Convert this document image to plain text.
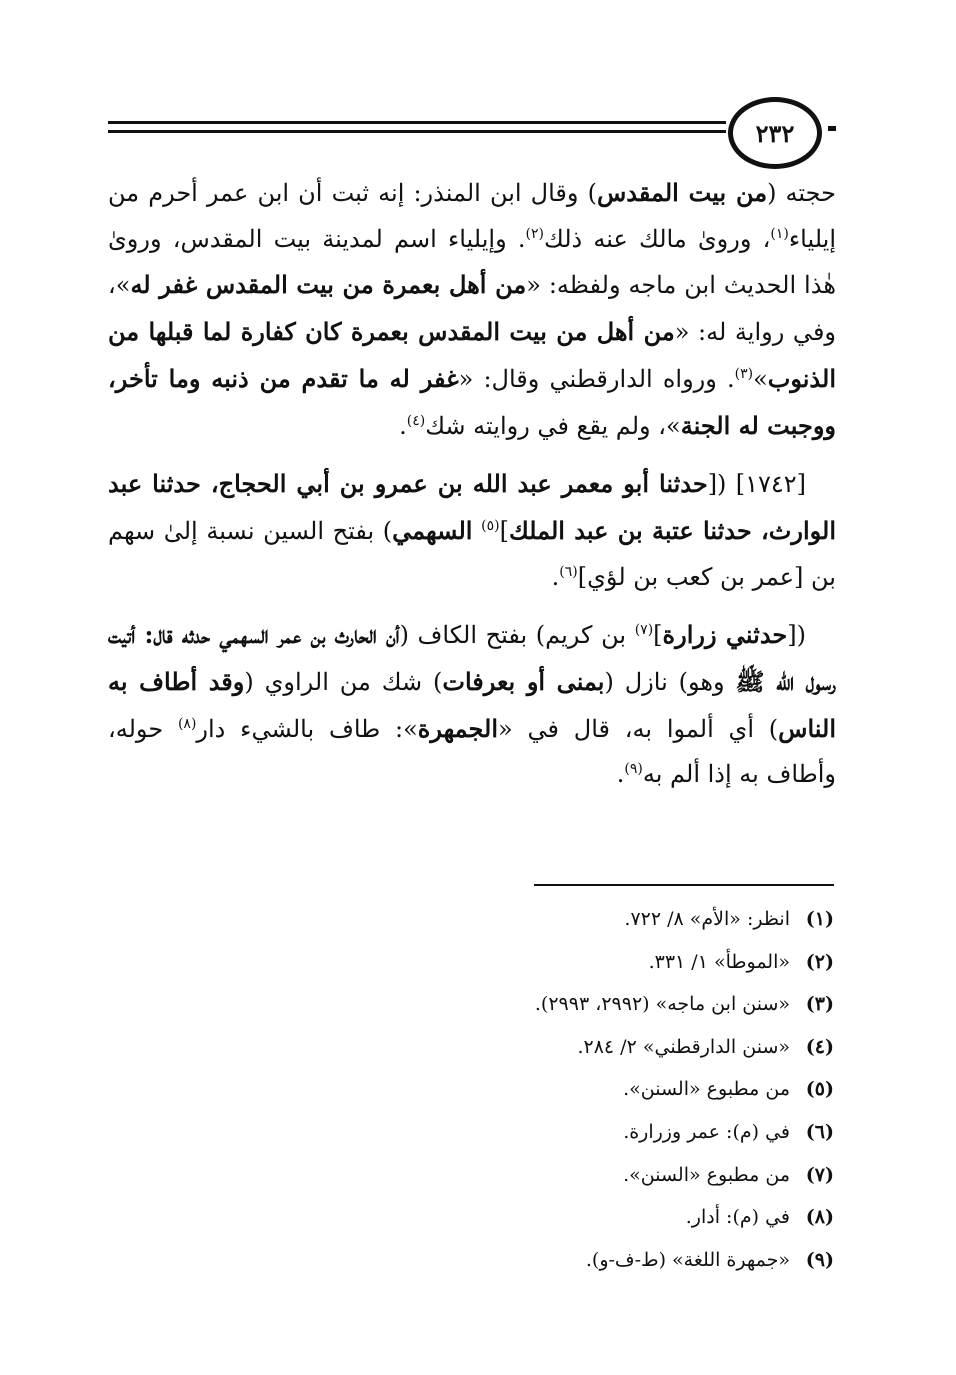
٢٣٢

حجته (من بيت المقدس) وقال ابن المنذر: إنه ثبت أن ابن عمر أحرم من إيلياء$^{(١)}$، ورویٰ مالك عنه ذلك$^{(٢)}$. وإيلياء اسم لمدينة بيت المقدس، ورویٰ هٰذا الحديث ابن ماجه ولفظه: «من أهل بعمرة من بيت المقدس غفر له»، وفي رواية له: «من أهل من بيت المقدس بعمرة كان كفارة لما قبلها من الذنوب»$^{(٣)}$. ورواه الدارقطني وقال: «غفر له ما تقدم من ذنبه وما تأخر، ووجبت له الجنة»، ولم يقع في روايته شك$^{(٤)}$.

[١٧٤٢] ([حدثنا أبو معمر عبد الله بن عمرو بن أبي الحجاج، حدثنا عبد الوارث، حدثنا عتبة بن عبد الملك]$^{(٥)}$ السهمي) بفتح السين نسبة إلىٰ سهم بن [عمر بن كعب بن لؤي]$^{(٦)}$.

([حدثني زرارة]$^{(٧)}$ بن كريم) بفتح الكاف (أن الحارث بن عمر السهمي حدثه قال: أتيت رسول الله ﷺ وهو) نازل (بمنى أو بعرفات) شك من الراوي (وقد أطاف به الناس) أي ألموا به، قال في «الجمهرة»: طاف بالشيء دار$^{(٨)}$ حوله، وأطاف به إذا ألم به$^{(٩)}$.

(١)
انظر: «الأم» ٨/ ٧٢٢.
(٢)
«الموطأ» ١/ ٣٣١.
(٣)
«سنن ابن ماجه» (٢٩٩٢، ٢٩٩٣).
(٤)
«سنن الدارقطني» ٢/ ٢٨٤.
(٥)
من مطبوع «السنن».
(٦)
في (م): عمر وزرارة.
(٧)
من مطبوع «السنن».
(٨)
في (م): أدار.
(٩)
«جمهرة اللغة» (ط-ف-و).
